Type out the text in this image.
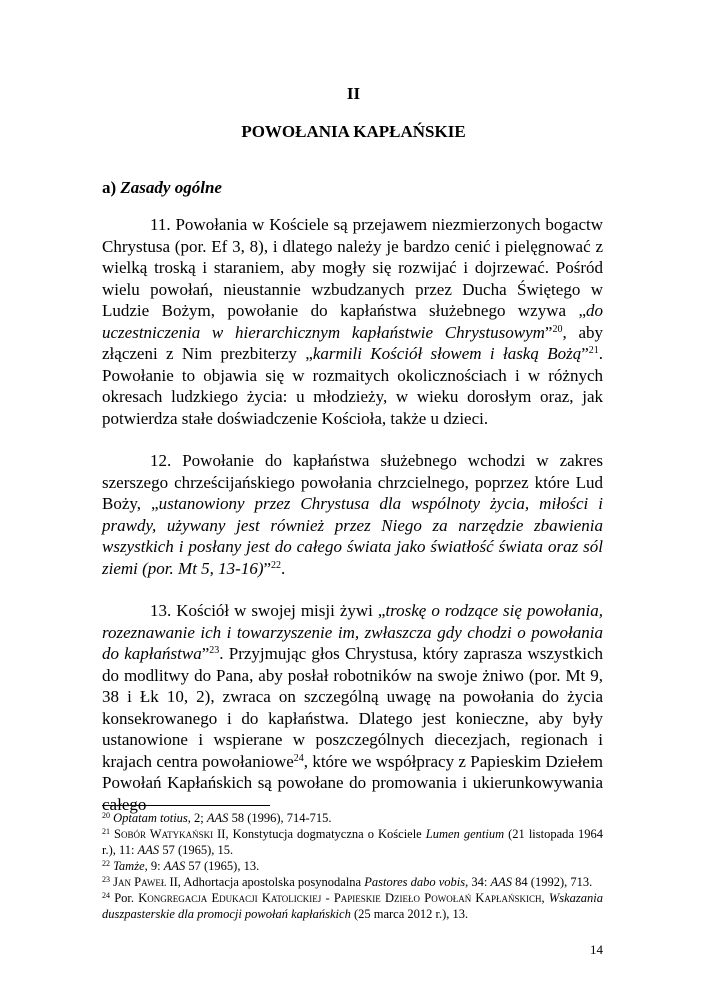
II
POWOŁANIA KAPŁAŃSKIE
a) Zasady ogólne

11. Powołania w Kościele są przejawem niezmierzonych bogactw Chrystusa (por. Ef 3, 8), i dlatego należy je bardzo cenić i pielęgnować z wielką troską i staraniem, aby mogły się rozwijać i dojrzewać. Pośród wielu powołań, nieustannie wzbudzanych przez Ducha Świętego w Ludzie Bożym, powołanie do kapłaństwa służebnego wzywa „do uczestniczenia w hierarchicznym kapłaństwie Chrystusowym”$^{20}$, aby złączeni z Nim prezbiterzy „karmili Kościół słowem i łaską Bożą”$^{21}$. Powołanie to objawia się w rozmaitych okolicznościach i w różnych okresach ludzkiego życia: u młodzieży, w wieku dorosłym oraz, jak potwierdza stałe doświadczenie Kościoła, także u dzieci.

12. Powołanie do kapłaństwa służebnego wchodzi w zakres szerszego chrześcijańskiego powołania chrzcielnego, poprzez które Lud Boży, „ustanowiony przez Chrystusa dla wspólnoty życia, miłości i prawdy, używany jest również przez Niego za narzędzie zbawienia wszystkich i posłany jest do całego świata jako światłość świata oraz sól ziemi (por. Mt 5, 13-16)”$^{22}$.

13. Kościół w swojej misji żywi „troskę o rodzące się powołania, rozeznawanie ich i towarzyszenie im, zwłaszcza gdy chodzi o powołania do kapłaństwa”$^{23}$. Przyjmując głos Chrystusa, który zaprasza wszystkich do modlitwy do Pana, aby posłał robotników na swoje żniwo (por. Mt 9, 38 i Łk 10, 2), zwraca on szczególną uwagę na powołania do życia konsekrowanego i do kapłaństwa. Dlatego jest konieczne, aby były ustanowione i wspierane w poszczególnych diecezjach, regionach i krajach centra powołaniowe$^{24}$, które we współpracy z Papieskim Dziełem Powołań Kapłańskich są powołane do promowania i ukierunkowywania całego

$^{20}$ Optatam totius, 2; AAS 58 (1996), 714-715.

$^{21}$ Sobór Watykański II, Konstytucja dogmatyczna o Kościele Lumen gentium (21 listopada 1964 r.), 11: AAS 57 (1965), 15.

$^{22}$ Tamże, 9: AAS 57 (1965), 13.

$^{23}$ Jan Paweł II, Adhortacja apostolska posynodalna Pastores dabo vobis, 34: AAS 84 (1992), 713.

$^{24}$ Por. Kongregacja Edukacji Katolickiej - Papieskie Dzieło Powołań Kapłańskich, Wskazania duszpasterskie dla promocji powołań kapłańskich (25 marca 2012 r.), 13.

14
